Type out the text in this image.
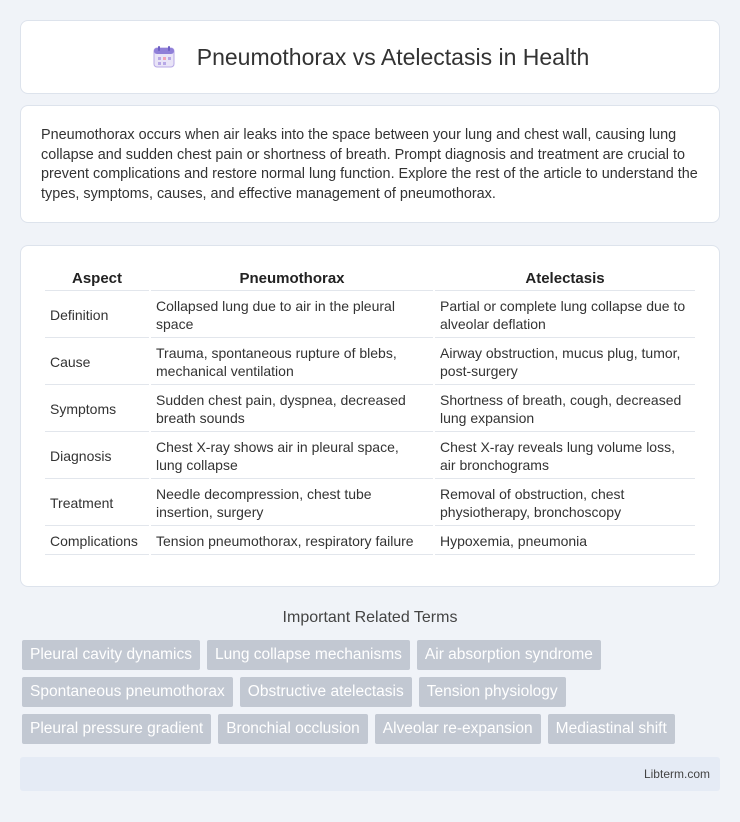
Pneumothorax vs Atelectasis in Health

Pneumothorax occurs when air leaks into the space between your lung and chest wall, causing lung collapse and sudden chest pain or shortness of breath. Prompt diagnosis and treatment are crucial to prevent complications and restore normal lung function. Explore the rest of the article to understand the types, symptoms, causes, and effective management of pneumothorax.

Aspect	Pneumothorax	Atelectasis
Definition	Collapsed lung due to air in the pleural space	Partial or complete lung collapse due to alveolar deflation
Cause	Trauma, spontaneous rupture of blebs, mechanical ventilation	Airway obstruction, mucus plug, tumor, post-surgery
Symptoms	Sudden chest pain, dyspnea, decreased breath sounds	Shortness of breath, cough, decreased lung expansion
Diagnosis	Chest X-ray shows air in pleural space, lung collapse	Chest X-ray reveals lung volume loss, air bronchograms
Treatment	Needle decompression, chest tube insertion, surgery	Removal of obstruction, chest physiotherapy, bronchoscopy
Complications	Tension pneumothorax, respiratory failure	Hypoxemia, pneumonia
Important Related Terms
Pleural cavity dynamics	Lung collapse mechanisms	Air absorption syndrome
Spontaneous pneumothorax	Obstructive atelectasis	Tension physiology
Pleural pressure gradient	Bronchial occlusion	Alveolar re-expansion	Mediastinal shift
Libterm.com
